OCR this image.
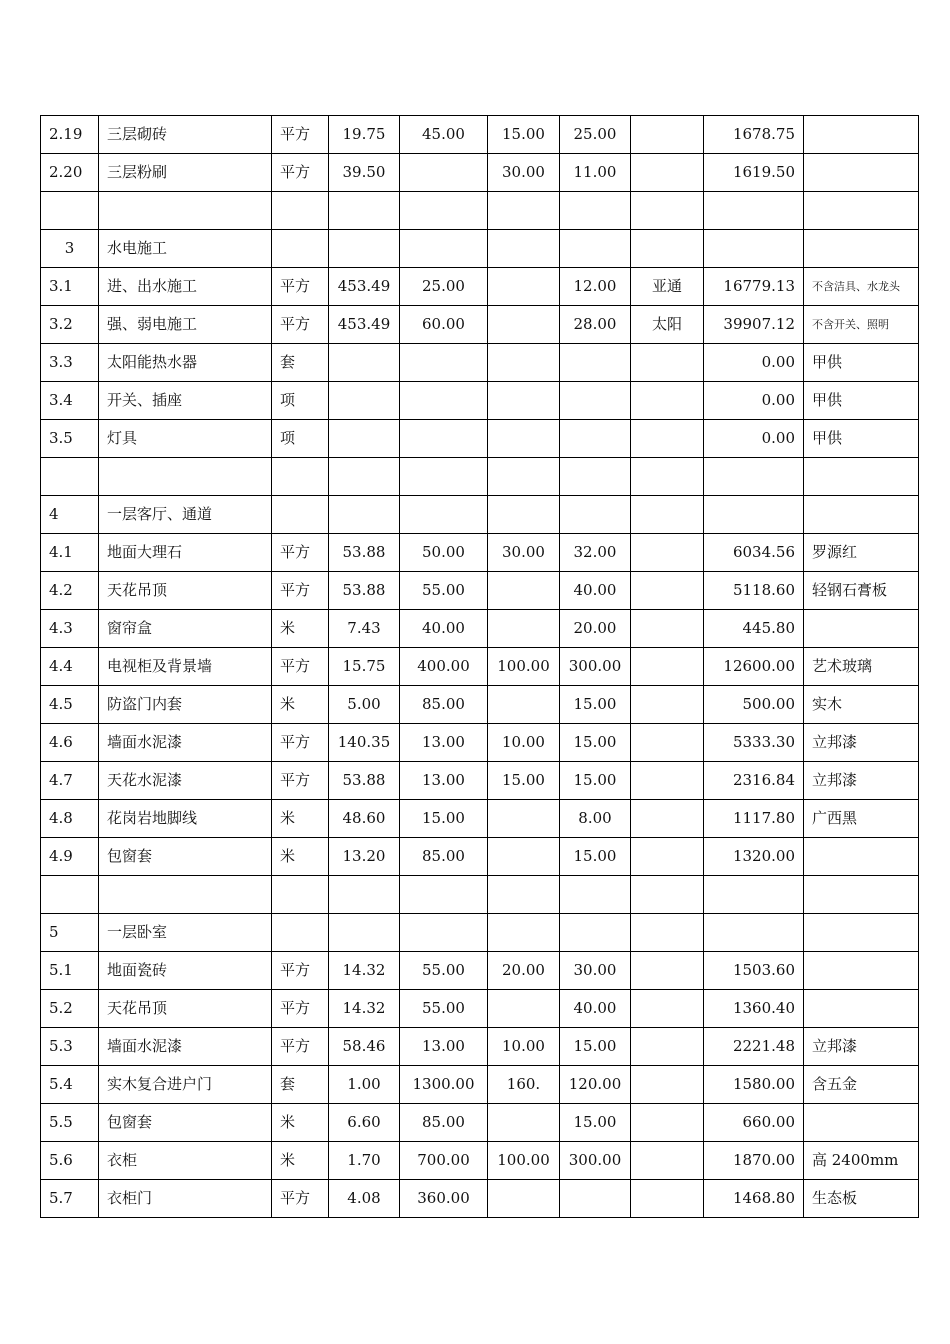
2.19	三层砌砖	平方	19.75	45.00	15.00	25.00		1678.75	
2.20	三层粉刷	平方	39.50		30.00	11.00		1619.50	

3	水电施工								
3.1	进、出水施工	平方	453.49	25.00		12.00	亚通	16779.13	不含洁具、水龙头
3.2	强、弱电施工	平方	453.49	60.00		28.00	太阳	39907.12	不含开关、照明
3.3	太阳能热水器	套						0.00	甲供
3.4	开关、插座	项						0.00	甲供
3.5	灯具	项						0.00	甲供

4	一层客厅、通道								
4.1	地面大理石	平方	53.88	50.00	30.00	32.00		6034.56	罗源红
4.2	天花吊顶	平方	53.88	55.00		40.00		5118.60	轻钢石膏板
4.3	窗帘盒	米	7.43	40.00		20.00		445.80	
4.4	电视柜及背景墙	平方	15.75	400.00	100.00	300.00		12600.00	艺术玻璃
4.5	防盗门内套	米	5.00	85.00		15.00		500.00	实木
4.6	墙面水泥漆	平方	140.35	13.00	10.00	15.00		5333.30	立邦漆
4.7	天花水泥漆	平方	53.88	13.00	15.00	15.00		2316.84	立邦漆
4.8	花岗岩地脚线	米	48.60	15.00		8.00		1117.80	广西黑
4.9	包窗套	米	13.20	85.00		15.00		1320.00	

5	一层卧室								
5.1	地面瓷砖	平方	14.32	55.00	20.00	30.00		1503.60	
5.2	天花吊顶	平方	14.32	55.00		40.00		1360.40	
5.3	墙面水泥漆	平方	58.46	13.00	10.00	15.00		2221.48	立邦漆
5.4	实木复合进户门	套	1.00	1300.00	160.	120.00		1580.00	含五金
5.5	包窗套	米	6.60	85.00		15.00		660.00	
5.6	衣柜	米	1.70	700.00	100.00	300.00		1870.00	高 2400mm
5.7	衣柜门	平方	4.08	360.00				1468.80	生态板
